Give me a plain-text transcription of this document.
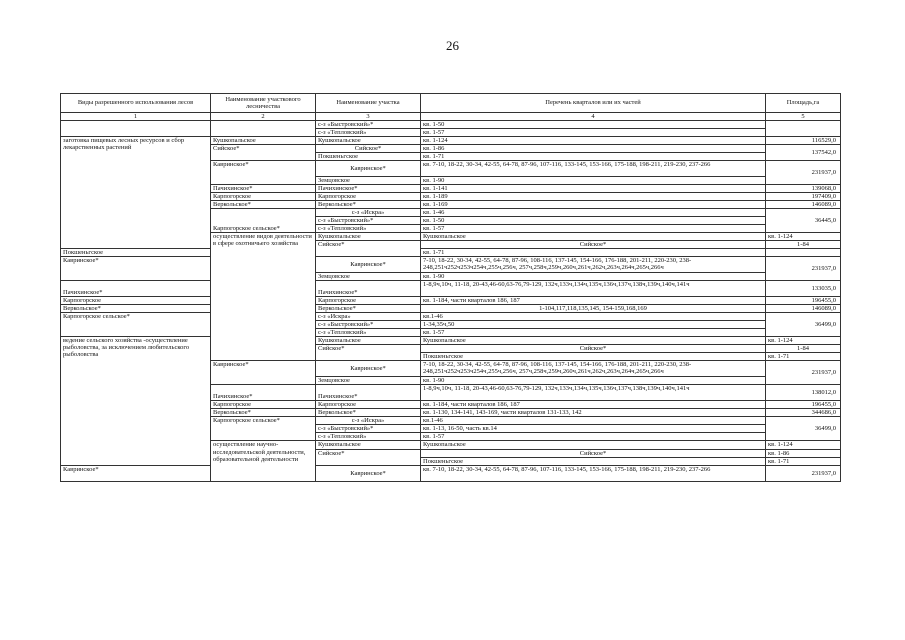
26
Виды разрешенного использования лесов	Наименование участкового лесничества	Наименование участка	Перечень кварталов или их частей	Площадь,га	
1	2	3	4	5	
		с-з «Быстровский»*	кв. 1-50		
		с-з «Тепловский»	кв. 1-57		
заготовка пищевых лесных ресурсов и сбор лекарственных растений	Кушкопальское	Кушкопальское	кв. 1-124	116529,0	
	Сийское*	Сийское*	кв. 1-86	137542,0	
		Покшеньгское	кв. 1-71		
	Кавринское*	Кавринское*	кв. 7-10, 18-22, 30-34, 42-55, 64-78, 87-96, 107-116, 133-145, 153-166, 175-188, 198-211, 219-230, 237-266	231937,0	
		Земцовское	кв. 1-90		
	Пачихинское*	Пачихинское*	кв. 1-141	139068,0	
	Карпогорское	Карпогорское	кв. 1-189	197409,0	
	Веркольское*	Веркольское*	кв. 1-169	146089,0	
	Карпогорское сельское*	с-з «Искра»	кв. 1-46	36445,0	
		с-з «Быстровский»*	кв. 1-50		
		с-з «Тепловский»	кв. 1-57		
	осуществление видов деятельности в сфере охотничьего хозяйства	Кушкопальское	Кушкопальское	кв. 1-124	
		Сийское*	Сийское*	1-84	
Покшеньгское			кв. 1-71		
Кавринское*		Кавринское*	7-10, 18-22, 30-34, 42-55, 64-78, 87-96, 108-116, 137-145, 154-166, 176-188, 201-211, 220-230, 238-248,251ч252ч253ч254ч,255ч,256ч, 257ч,258ч,259ч,260ч,261ч,262ч,263ч,264ч,265ч,266ч	231937,0	
		Земцовское	кв. 1-90		
Пачихинское*		Пачихинское*	1-8,9ч,10ч, 11-18, 20-43,46-60,63-76,79-129, 132ч,133ч,134ч,135ч,136ч,137ч,138ч,139ч,140ч,141ч	133035,0	
Карпогорское		Карпогорское	кв. 1-184, части кварталов 186, 187	196455,0	
Веркольское*		Веркольское*	1-104,117,118,135,145, 154-159,168,169	146089,0	
Карпогорское сельское*		с-з «Искра»	кв.1-46	36499,0	
		с-з «Быстровский»*	1-34,35ч,50		
		с-з «Тепловский»	кв. 1-57		
ведение сельского хозяйства -осуществление рыболовства, за исключением любительского рыболовства		Кушкопальское	Кушкопальское	кв. 1-124	
		Сийское*	Сийское*	1-84	
			Покшеньгское	кв. 1-71	
	Кавринское*	Кавринское*	7-10, 18-22, 30-34, 42-55, 64-78, 87-96, 108-116, 137-145, 154-166, 176-188, 201-211, 220-230, 238-248,251ч252ч253ч254ч,255ч,256ч, 257ч,258ч,259ч,260ч,261ч,262ч,263ч,264ч,265ч,266ч	231937,0	
		Земцовское	кв. 1-90		
	Пачихинское*	Пачихинское*	1-8,9ч,10ч, 11-18, 20-43,46-60,63-76,79-129, 132ч,133ч,134ч,135ч,136ч,137ч,138ч,139ч,140ч,141ч	138012,0	
	Карпогорское	Карпогорское	кв. 1-184, части кварталов 186, 187	196455,0	
	Веркольское*	Веркольское*	кв. 1-130, 134-141, 143-169, части кварталов 131-133, 142	344686,0	
	Карпогорское сельское*	с-з «Искра»	кв.1-46	36499,0	
		с-з «Быстровский»*	кв. 1-13, 16-50, часть кв.14		
		с-з «Тепловский»	кв. 1-57		
	осуществление научно-исследовательской деятельности, образовательной деятельности	Кушкопальское	Кушкопальское	кв. 1-124	
		Сийское*	Сийское*	кв. 1-86	
			Покшеньгское	кв. 1-71	
Кавринское*		Кавринское*	кв. 7-10, 18-22, 30-34, 42-55, 64-78, 87-96, 107-116, 133-145, 153-166, 175-188, 198-211, 219-230, 237-266	231937,0	
